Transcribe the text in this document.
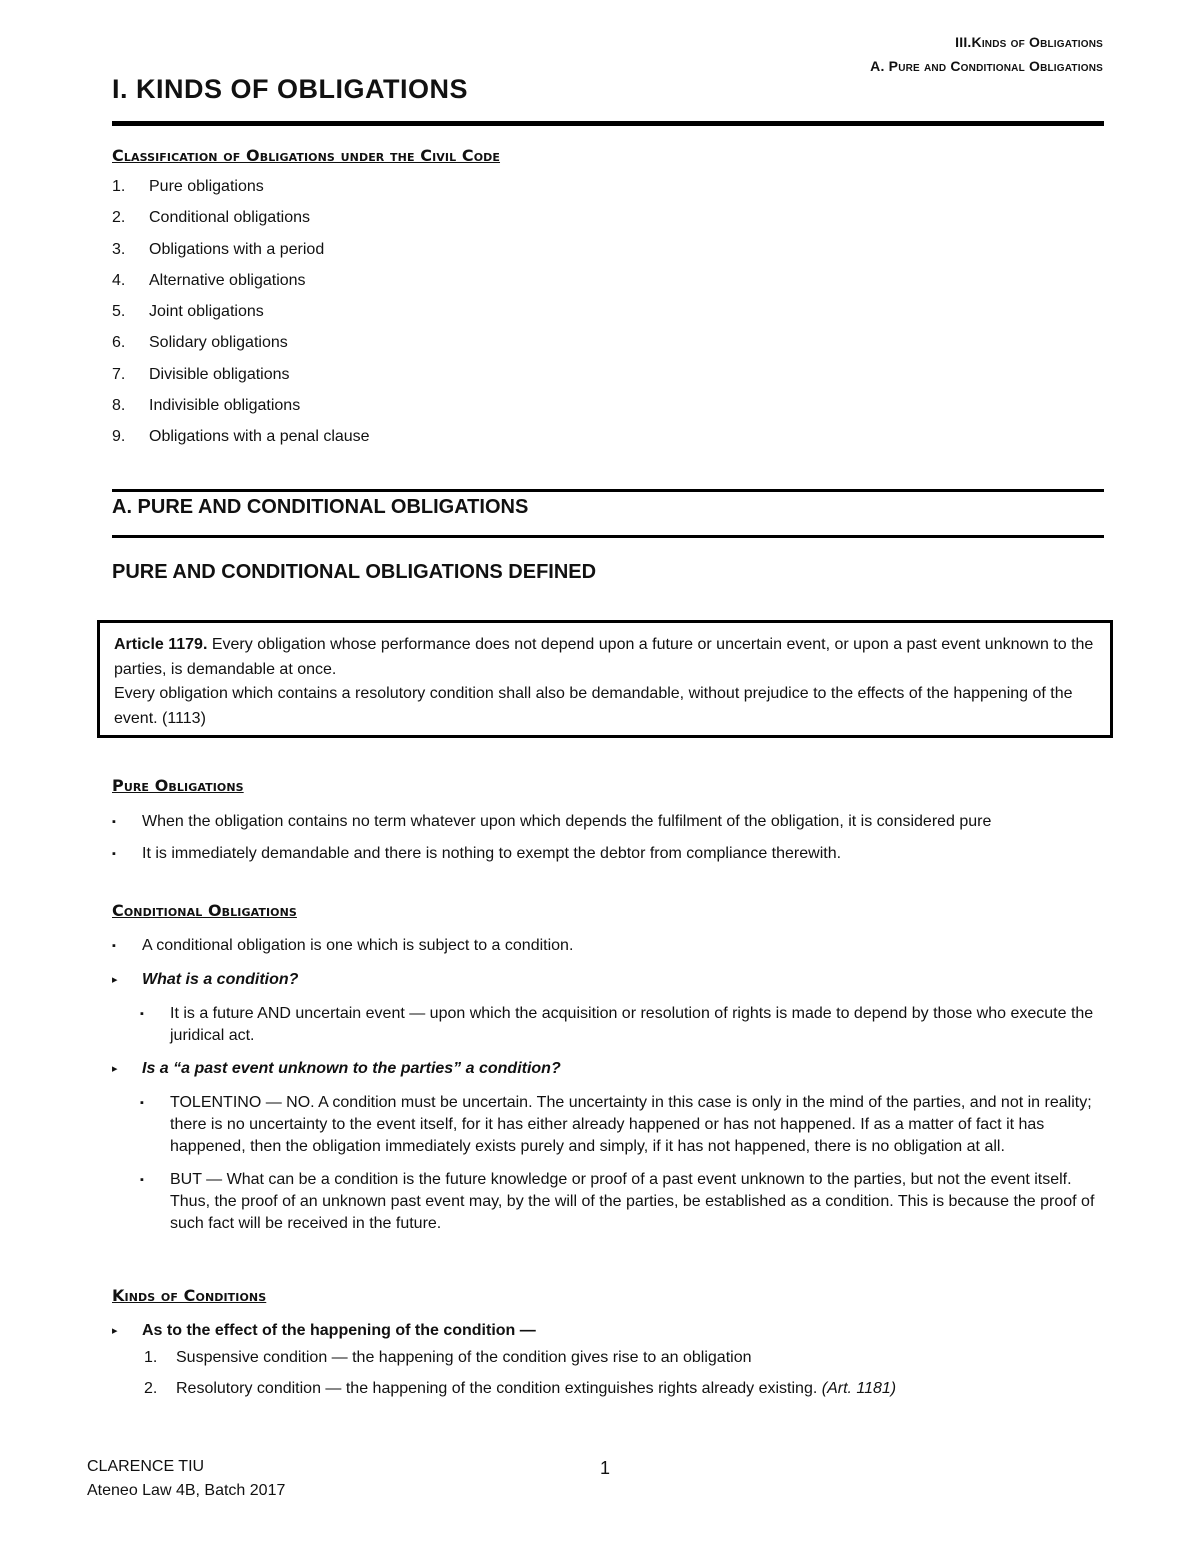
III.Kinds of Obligations
A. Pure and Conditional Obligations
I. KINDS OF OBLIGATIONS
Classification of Obligations under the Civil Code
1.	Pure obligations
2.	Conditional obligations
3.	Obligations with a period
4.	Alternative obligations
5.	Joint obligations
6.	Solidary obligations
7.	Divisible obligations
8.	Indivisible obligations
9.	Obligations with a penal clause
A. PURE AND CONDITIONAL OBLIGATIONS
PURE AND CONDITIONAL OBLIGATIONS DEFINED
Article 1179. Every obligation whose performance does not depend upon a future or uncertain event, or upon a past event unknown to the parties, is demandable at once.
Every obligation which contains a resolutory condition shall also be demandable, without prejudice to the effects of the happening of the event. (1113)
Pure Obligations
▪	When the obligation contains no term whatever upon which depends the fulfilment of the obligation, it is considered pure
▪	It is immediately demandable and there is nothing to exempt the debtor from compliance therewith.
Conditional Obligations
▪	A conditional obligation is one which is subject to a condition.
▸	What is a condition?
▪	It is a future AND uncertain event — upon which the acquisition or resolution of rights is made to depend by those who execute the juridical act.
▸	Is a “a past event unknown to the parties” a condition?
▪	TOLENTINO — NO. A condition must be uncertain. The uncertainty in this case is only in the mind of the parties, and not in reality; there is no uncertainty to the event itself, for it has either already happened or has not happened. If as a matter of fact it has happened, then the obligation immediately exists purely and simply, if it has not happened, there is no obligation at all.
▪	BUT — What can be a condition is the future knowledge or proof of a past event unknown to the parties, but not the event itself. Thus, the proof of an unknown past event may, by the will of the parties, be established as a condition. This is because the proof of such fact will be received in the future.
Kinds of Conditions
▸	As to the effect of the happening of the condition —
1.	Suspensive condition — the happening of the condition gives rise to an obligation
2.	Resolutory condition — the happening of the condition extinguishes rights already existing. (Art. 1181)
CLARENCE TIU
Ateneo Law 4B, Batch 2017
1
